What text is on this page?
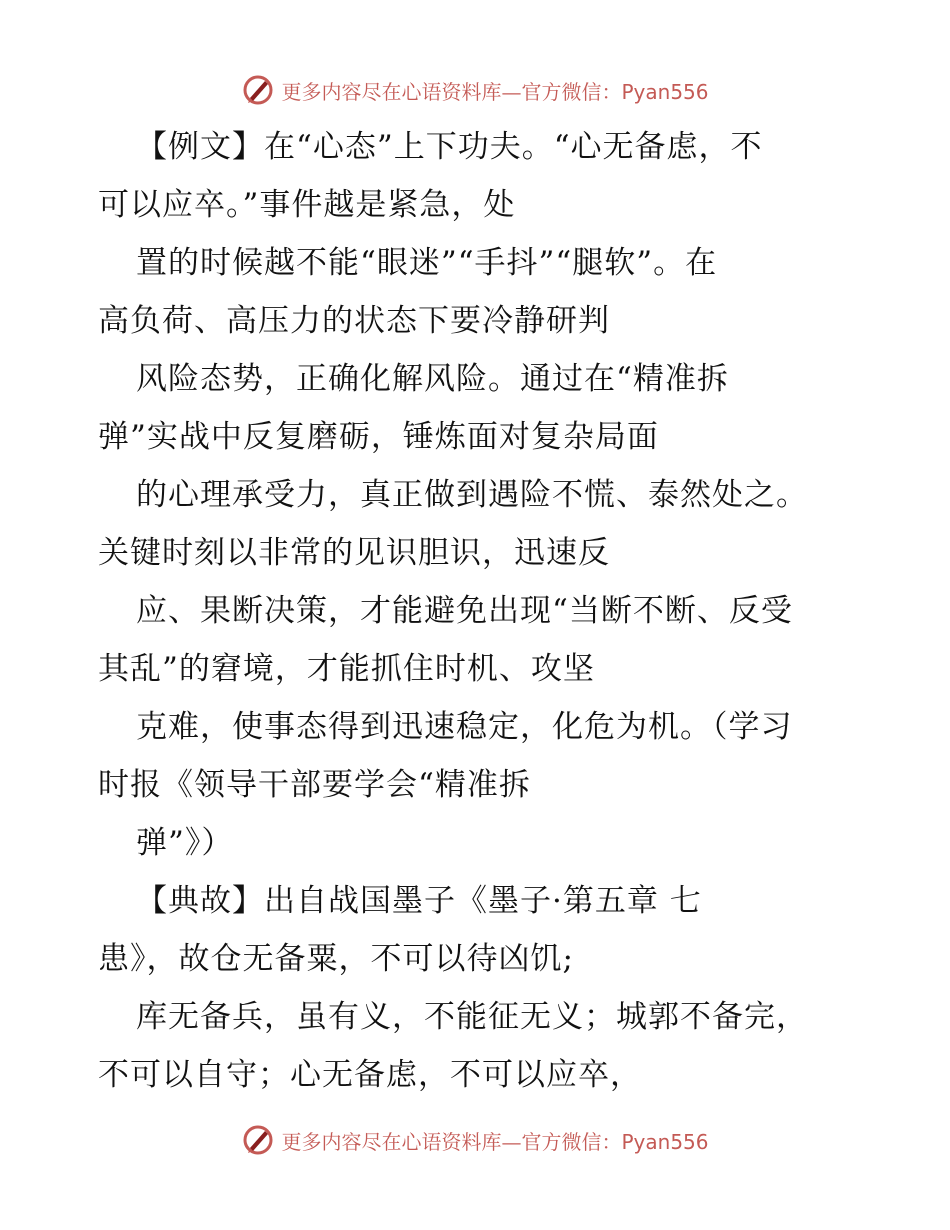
更多内容尽在心语资料库—官方微信：Pyan556
【例文】在“心态”上下功夫。“心无备虑，不
可以应卒。”事件越是紧急，处
置的时候越不能“眼迷”“手抖”“腿软”。在
高负荷、高压力的状态下要冷静研判
风险态势，正确化解风险。通过在“精准拆
弹”实战中反复磨砺，锤炼面对复杂局面
的心理承受力，真正做到遇险不慌、泰然处之。
关键时刻以非常的见识胆识，迅速反
应、果断决策，才能避免出现“当断不断、反受
其乱”的窘境，才能抓住时机、攻坚
克难，使事态得到迅速稳定，化危为机。（学习
时报《领导干部要学会“精准拆
弹”》）
【典故】出自战国墨子《墨子·第五章 七
患》，故仓无备粟，不可以待凶饥;
库无备兵，虽有义，不能征无义；城郭不备完，
不可以自守；心无备虑，不可以应卒，
更多内容尽在心语资料库—官方微信：Pyan556
